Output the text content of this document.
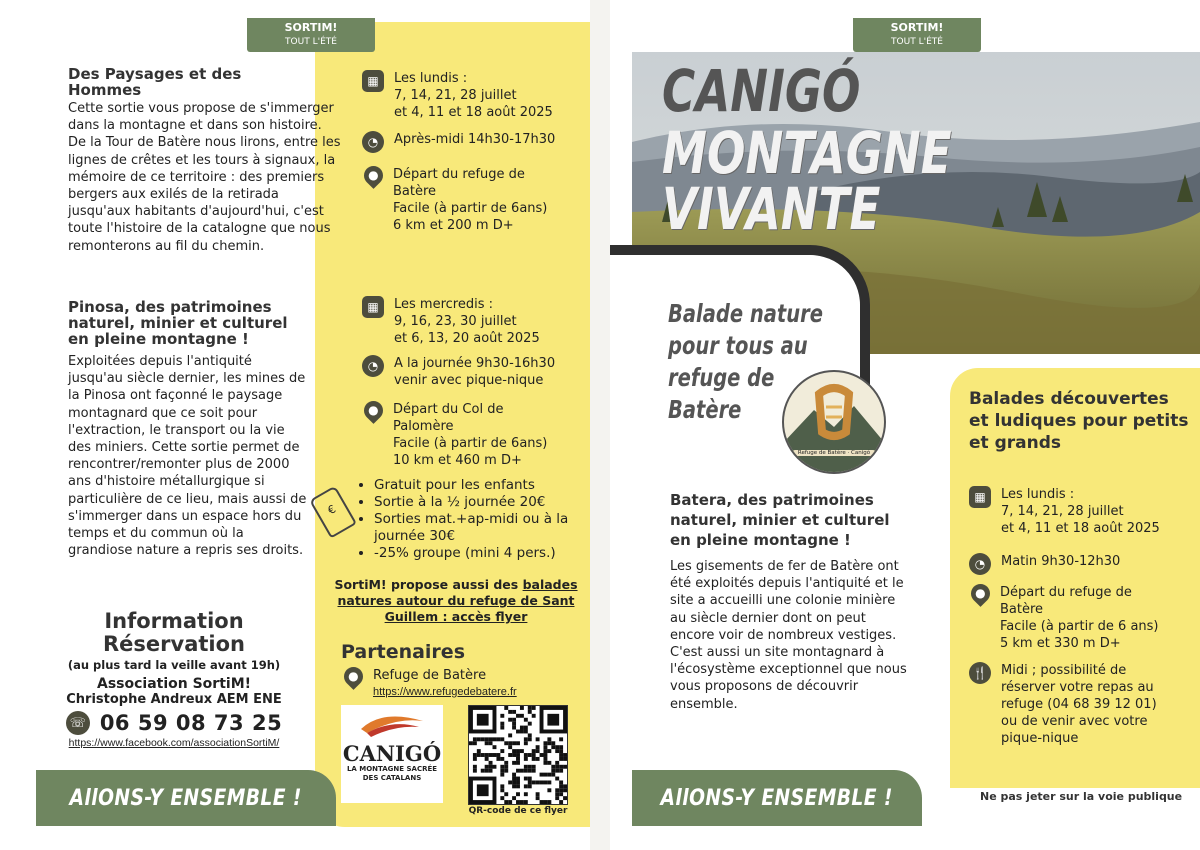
SORTIM!
TOUT L'ÉTÉ
Des Paysages et des Hommes
Cette sortie vous propose de s'immerger dans la montagne et dans son histoire. De la Tour de Batère nous lirons, entre les lignes de crêtes et les tours à signaux, la mémoire de ce territoire : des premiers bergers aux exilés de la retirada jusqu'aux habitants d'aujourd'hui, c'est toute l'histoire de la catalogne que nous remonterons au fil du chemin.
Pinosa, des patrimoines naturel, minier et culturel en pleine montagne !
Exploitées depuis l'antiquité jusqu'au siècle dernier, les mines de la Pinosa ont façonné le paysage montagnard que ce soit pour l'extraction, le transport ou la vie des miniers. Cette sortie permet de rencontrer/remonter plus de 2000 ans d'histoire métallurgique si particulière de ce lieu, mais aussi de s'immerger dans un espace hors du temps et du commun où la grandiose nature a repris ses droits.
Information
Réservation
(au plus tard la veille avant 19h)
Association SortiM!
Christophe Andreux AEM ENE
☏ 06 59 08 73 25
https://www.facebook.com/associationSortiM/
AllONS-Y ENSEMBLE !
▦	Les lundis :
7, 14, 21, 28 juillet
et 4, 11 et 18 août 2025
◔	Après-midi 14h30-17h30
● Départ du refuge de
Batère
Facile (à partir de 6ans)
6 km et 200 m D+
▦	Les mercredis :
9, 16, 23, 30 juillet
et 6, 13, 20 août 2025
◔	A la journée 9h30-16h30
venir avec pique-nique
● Départ du Col de
Palomère
Facile (à partir de 6ans)
10 km et 460 m D+
€
• Gratuit pour les enfants
• Sortie à la ½ journée 20€
• Sorties mat.+ap-midi ou à la journée 30€
• -25% groupe (mini 4 pers.)
SortiM! propose aussi des balades natures autour du refuge de Sant Guillem : accès flyer
Partenaires
● Refuge de Batère
https://www.refugedebatere.fr
CANIGÓ
LA MONTAGNE SACRÉE
DES CATALANS
QR-code de ce flyer
SORTIM!
TOUT L'ÉTÉ
CANIGÓ
MONTAGNE
VIVANTE
Balade nature
pour tous au
refuge de
Batère
Refuge de Batère · Canigó
Balades découvertes et ludiques pour petits et grands
▦	Les lundis :
7, 14, 21, 28 juillet
et 4, 11 et 18 août 2025
◔	Matin 9h30-12h30
● Départ du refuge de
Batère
Facile (à partir de 6 ans)
5 km et 330 m D+
🍴 Midi ; possibilité de
réserver votre repas au
refuge (04 68 39 12 01)
ou de venir avec votre
pique-nique
Batera, des patrimoines naturel, minier et culturel en pleine montagne !
Les gisements de fer de Batère ont été exploités depuis l'antiquité et le site a accueilli une colonie minière au siècle dernier dont on peut encore voir de nombreux vestiges. C'est aussi un site montagnard à l'écosystème exceptionnel que nous vous proposons de découvrir ensemble.
AllONS-Y ENSEMBLE !	Ne pas jeter sur la voie publique
